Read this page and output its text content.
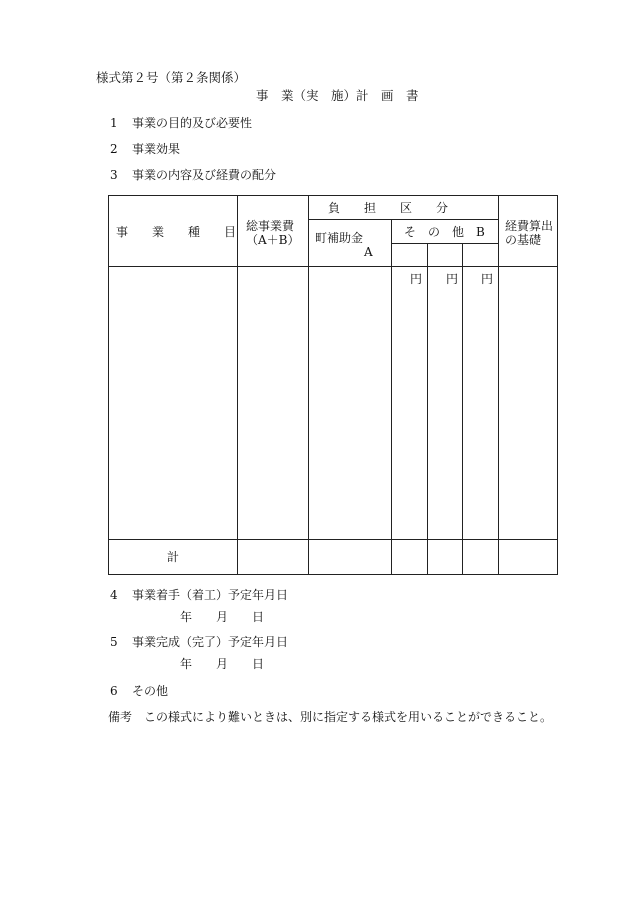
様式第２号（第２条関係）
事　業（実　施）計　画　書
1 事業の目的及び必要性
2 事業効果
3 事業の内容及び経費の配分
事　　業　　種　　目 総事業費
（A＋B）
負　　担　　区　　分
町補助金
A
そ　の　他　B 経費算出
の基礎
円 円 円
計
4 事業着手（着工）予定年月日
年　　月　　日
5 事業完成（完了）予定年月日
年　　月　　日
6 その他
備考　この様式により難いときは、別に指定する様式を用いることができること。
